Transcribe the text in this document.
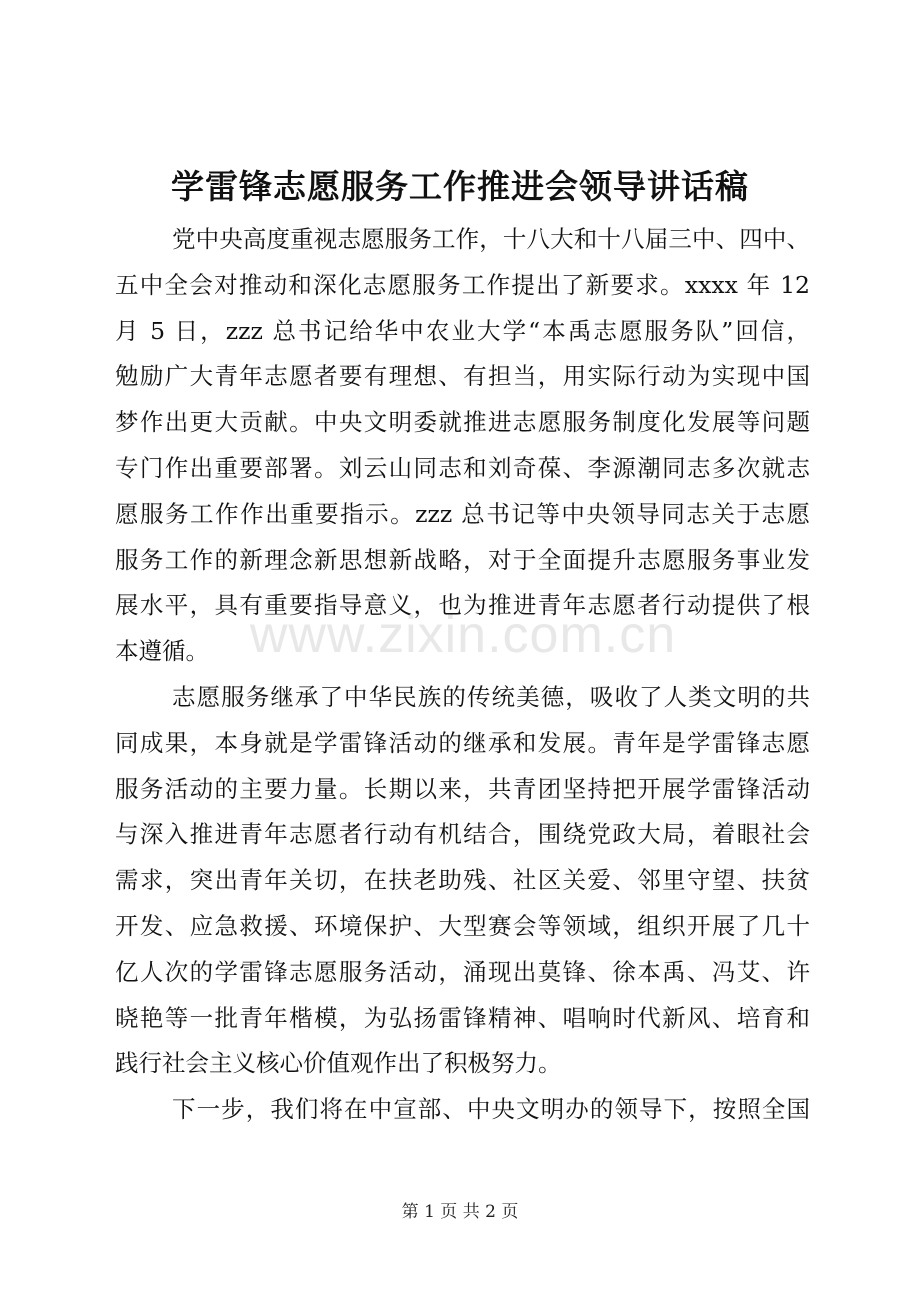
学雷锋志愿服务工作推进会领导讲话稿
党中央高度重视志愿服务工作，十八大和十八届三中、四中、
五中全会对推动和深化志愿服务工作提出了新要求。xxxx 年 12
月 5 日，zzz 总书记给华中农业大学“本禹志愿服务队”回信，
勉励广大青年志愿者要有理想、有担当，用实际行动为实现中国
梦作出更大贡献。中央文明委就推进志愿服务制度化发展等问题
专门作出重要部署。刘云山同志和刘奇葆、李源潮同志多次就志
愿服务工作作出重要指示。zzz 总书记等中央领导同志关于志愿
服务工作的新理念新思想新战略，对于全面提升志愿服务事业发
展水平，具有重要指导意义，也为推进青年志愿者行动提供了根
本遵循。
志愿服务继承了中华民族的传统美德，吸收了人类文明的共
同成果，本身就是学雷锋活动的继承和发展。青年是学雷锋志愿
服务活动的主要力量。长期以来，共青团坚持把开展学雷锋活动
与深入推进青年志愿者行动有机结合，围绕党政大局，着眼社会
需求，突出青年关切，在扶老助残、社区关爱、邻里守望、扶贫
开发、应急救援、环境保护、大型赛会等领域，组织开展了几十
亿人次的学雷锋志愿服务活动，涌现出莫锋、徐本禹、冯艾、许
晓艳等一批青年楷模，为弘扬雷锋精神、唱响时代新风、培育和
践行社会主义核心价值观作出了积极努力。
下一步，我们将在中宣部、中央文明办的领导下，按照全国
www.zixin.com.cn
第 1 页 共 2 页
